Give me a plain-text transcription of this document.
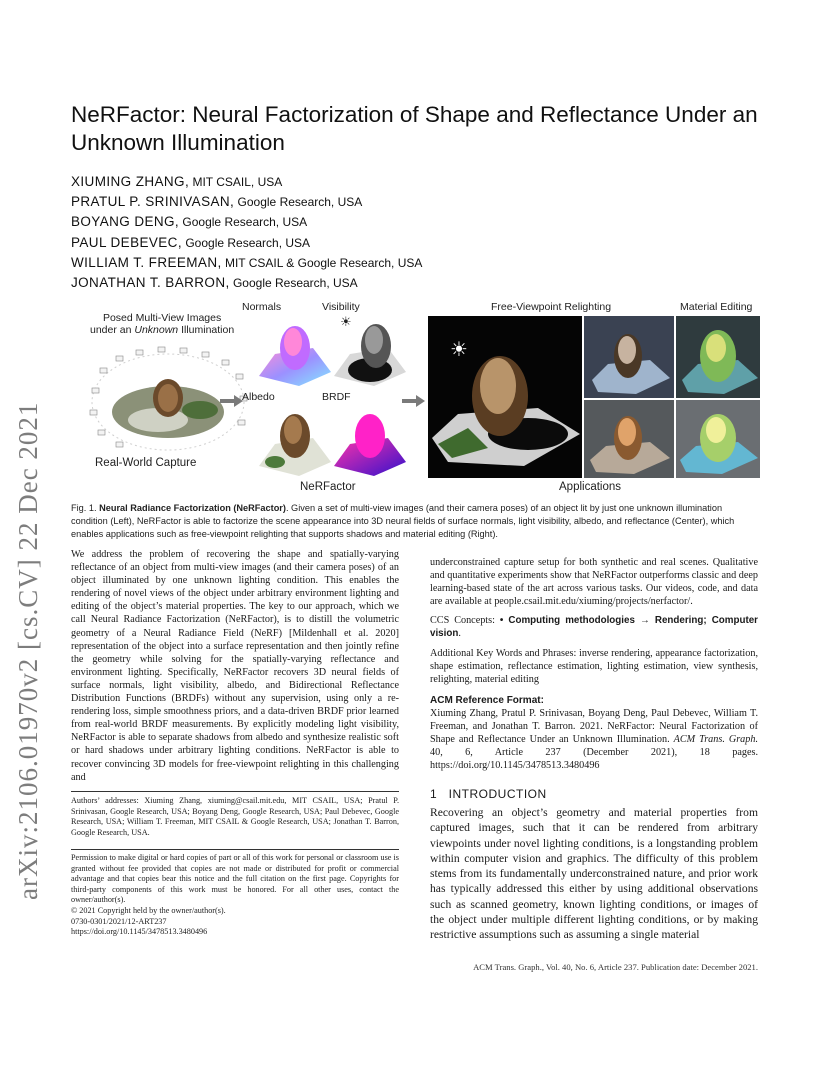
arXiv:2106.01970v2 [cs.CV] 22 Dec 2021
NeRFactor: Neural Factorization of Shape and Reflectance Under an Unknown Illumination
XIUMING ZHANG, MIT CSAIL, USA
PRATUL P. SRINIVASAN, Google Research, USA
BOYANG DENG, Google Research, USA
PAUL DEBEVEC, Google Research, USA
WILLIAM T. FREEMAN, MIT CSAIL & Google Research, USA
JONATHAN T. BARRON, Google Research, USA
Posed Multi-View Images
under an Unknown Illumination
Real-World Capture
Normals	Visibility
☀
Albedo	BRDF
NeRFactor
Free-Viewpoint Relighting	Material Editing
☀
Applications
Fig. 1. Neural Radiance Factorization (NeRFactor). Given a set of multi-view images (and their camera poses) of an object lit by just one unknown illumination condition (Left), NeRFactor is able to factorize the scene appearance into 3D neural fields of surface normals, light visibility, albedo, and reflectance (Center), which enables applications such as free-viewpoint relighting that supports shadows and material editing (Right).
We address the problem of recovering the shape and spatially-varying reflectance of an object from multi-view images (and their camera poses) of an object illuminated by one unknown lighting condition. This enables the rendering of novel views of the object under arbitrary environment lighting and editing of the object’s material properties. The key to our approach, which we call Neural Radiance Factorization (NeRFactor), is to distill the volumetric geometry of a Neural Radiance Field (NeRF) [Mildenhall et al. 2020] representation of the object into a surface representation and then jointly refine the geometry while solving for the spatially-varying reflectance and environment lighting. Specifically, NeRFactor recovers 3D neural fields of surface normals, light visibility, albedo, and Bidirectional Reflectance Distribution Functions (BRDFs) without any supervision, using only a re-rendering loss, simple smoothness priors, and a data-driven BRDF prior learned from real-world BRDF measurements. By explicitly modeling light visibility, NeRFactor is able to separate shadows from albedo and synthesize realistic soft or hard shadows under arbitrary lighting conditions. NeRFactor is able to recover convincing 3D models for free-viewpoint relighting in this challenging and
Authors’ addresses: Xiuming Zhang, xiuming@csail.mit.edu, MIT CSAIL, USA; Pratul P. Srinivasan, Google Research, USA; Boyang Deng, Google Research, USA; Paul Debevec, Google Research, USA; William T. Freeman, MIT CSAIL & Google Research, USA; Jonathan T. Barron, Google Research, USA.
Permission to make digital or hard copies of part or all of this work for personal or classroom use is granted without fee provided that copies are not made or distributed for profit or commercial advantage and that copies bear this notice and the full citation on the first page. Copyrights for third-party components of this work must be honored. For all other uses, contact the owner/author(s).
© 2021 Copyright held by the owner/author(s).
0730-0301/2021/12-ART237
https://doi.org/10.1145/3478513.3480496
underconstrained capture setup for both synthetic and real scenes. Qualitative and quantitative experiments show that NeRFactor outperforms classic and deep learning-based state of the art across various tasks. Our videos, code, and data are available at people.csail.mit.edu/xiuming/projects/nerfactor/.
CCS Concepts: • Computing methodologies → Rendering; Computer vision.
Additional Key Words and Phrases: inverse rendering, appearance factorization, shape estimation, reflectance estimation, lighting estimation, view synthesis, relighting, material editing
ACM Reference Format:
Xiuming Zhang, Pratul P. Srinivasan, Boyang Deng, Paul Debevec, William T. Freeman, and Jonathan T. Barron. 2021. NeRFactor: Neural Factorization of Shape and Reflectance Under an Unknown Illumination. ACM Trans. Graph. 40, 6, Article 237 (December 2021), 18 pages. https://doi.org/10.1145/3478513.3480496
1   INTRODUCTION
Recovering an object’s geometry and material properties from captured images, such that it can be rendered from arbitrary viewpoints under novel lighting conditions, is a longstanding problem within computer vision and graphics. The difficulty of this problem stems from its fundamentally underconstrained nature, and prior work has typically addressed this either by using additional observations such as scanned geometry, known lighting conditions, or images of the object under multiple different lighting conditions, or by making restrictive assumptions such as assuming a single material
ACM Trans. Graph., Vol. 40, No. 6, Article 237. Publication date: December 2021.
